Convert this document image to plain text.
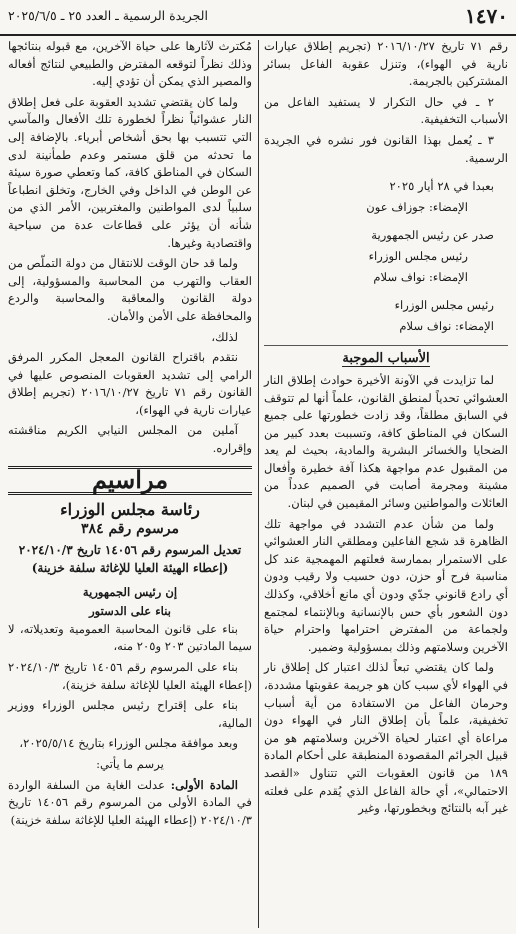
١٤٧٠
الجريدة الرسمية ـ العدد ٢٥ ـ ٢٠٢٥/٦/٥

رقم ٧١ تاريخ ٢٠١٦/١٠/٢٧ (تجريم إطلاق عيارات نارية في الهواء)، وتنزل عقوبة الفاعل بسائر المشتركين بالجريمة.

٢ ـ في حال التكرار لا يستفيد الفاعل من الأسباب التخفيفية.

٣ ـ يُعمل بهذا القانون فور نشره في الجريدة الرسمية.

بعبدا في ٢٨ أيار ٢٠٢٥

الإمضاء: جوزاف عون

صدر عن رئيس الجمهورية

رئيس مجلس الوزراء

الإمضاء: نواف سلام

رئيس مجلس الوزراء

الإمضاء: نواف سلام

الأسباب الموجبة

لما تزايدت في الآونة الأخيرة حوادث إطلاق النار العشوائي تحدياً لمنطق القانون، علماً أنها لم تتوقف في السابق مطلقاً، وقد زادت خطورتها على جميع السكان في المناطق كافة، وتسببت بعدد كبير من الضحايا والخسائر البشرية والمادية، بحيث لم يعد من المقبول عدم مواجهة هكذا آفة خطيرة وأفعال مشينة ومجرمة أصابت في الصميم عدداً من العائلات والمواطنين وسائر المقيمين في لبنان.

ولما من شأن عدم التشدد في مواجهة تلك الظاهرة قد شجع الفاعلين ومطلقي النار العشوائي على الاستمرار بممارسة فعلتهم المهمجية عند كل مناسبة فرح أو حزن، دون حسيب ولا رقيب ودون أي رادع قانوني جدّي ودون أي مانع أخلاقي، وكذلك دون الشعور بأي حس بالإنسانية وبالإنتماء لمجتمع ولجماعة من المفترض احترامها واحترام حياة الآخرين وسلامتهم وذلك بمسؤولية وضمير.

ولما كان يقتضي تبعاً لذلك اعتبار كل إطلاق نار في الهواء لأي سبب كان هو جريمة عقوبتها مشددة، وحرمان الفاعل من الاستفادة من أية أسباب تخفيفية، علماً بأن إطلاق النار في الهواء دون مراعاة أي اعتبار لحياة الآخرين وسلامتهم هو من قبيل الجرائم المقصودة المنطبقة على أحكام المادة ١٨٩ من قانون العقوبات التي تتناول «القصد الاحتمالي»، أي حالة الفاعل الذي يُقدم على فعلته غير آبه بالنتائج وبخطورتها، وغير

مُكترث لآثارها على حياة الآخرين، مع قبوله بنتائجها وذلك نظراً لتوقعه المفترض والطبيعي لنتائج أفعاله والمصير الذي يمكن أن تؤدي إليه.

ولما كان يقتضي تشديد العقوبة على فعل إطلاق النار عشوائياً نظراً لخطورة تلك الأفعال والمآسي التي تتسبب بها بحق أشخاص أبرياء. بالإضافة إلى ما تحدثه من قلق مستمر وعدم طمأنينة لدى السكان في المناطق كافة، كما وتعطي صورة سيئة عن الوطن في الداخل وفي الخارج، وتخلق انطباعاً سلبياً لدى المواطنين والمغتربين، الأمر الذي من شأنه أن يؤثر على قطاعات عدة من سياحية واقتصادية وغيرها.

ولما قد حان الوقت للانتقال من دولة التملّص من العقاب والتهرب من المحاسبة والمسؤولية، إلى دولة القانون والمعاقبة والمحاسبة والردع والمحافظة على الأمن والأمان.

لذلك،

نتقدم باقتراح القانون المعجل المكرر المرفق الرامي إلى تشديد العقوبات المنصوص عليها في القانون رقم ٧١ تاريخ ٢٠١٦/١٠/٢٧ (تجريم إطلاق عيارات نارية في الهواء)،

آملين من المجلس النيابي الكريم مناقشته وإقراره.

مراسيم
رئاسة مجلس الوزراء
مرسوم رقم ٣٨٤
تعديل المرسوم رقم ١٤٠٥٦ تاريخ ٢٠٢٤/١٠/٣
(إعطاء الهيئة العليا للإغاثة سلفة خزينة)

إن رئيس الجمهورية

بناء على الدستور

بناء على قانون المحاسبة العمومية وتعديلاته، لا سيما المادتين ٢٠٣ و٢٠٥ منه،

بناء على المرسوم رقم ١٤٠٥٦ تاريخ ٢٠٢٤/١٠/٣ (إعطاء الهيئة العليا للإغاثة سلفة خزينة)،

بناء على إقتراح رئيس مجلس الوزراء ووزير المالية،

وبعد موافقة مجلس الوزراء بتاريخ ٢٠٢٥/٥/١٤،

يرسم ما يأتي:

المادة الأولى: عدلت الغاية من السلفة الواردة في المادة الأولى من المرسوم رقم ١٤٠٥٦ تاريخ ٢٠٢٤/١٠/٣ (إعطاء الهيئة العليا للإغاثة سلفة خزينة)
